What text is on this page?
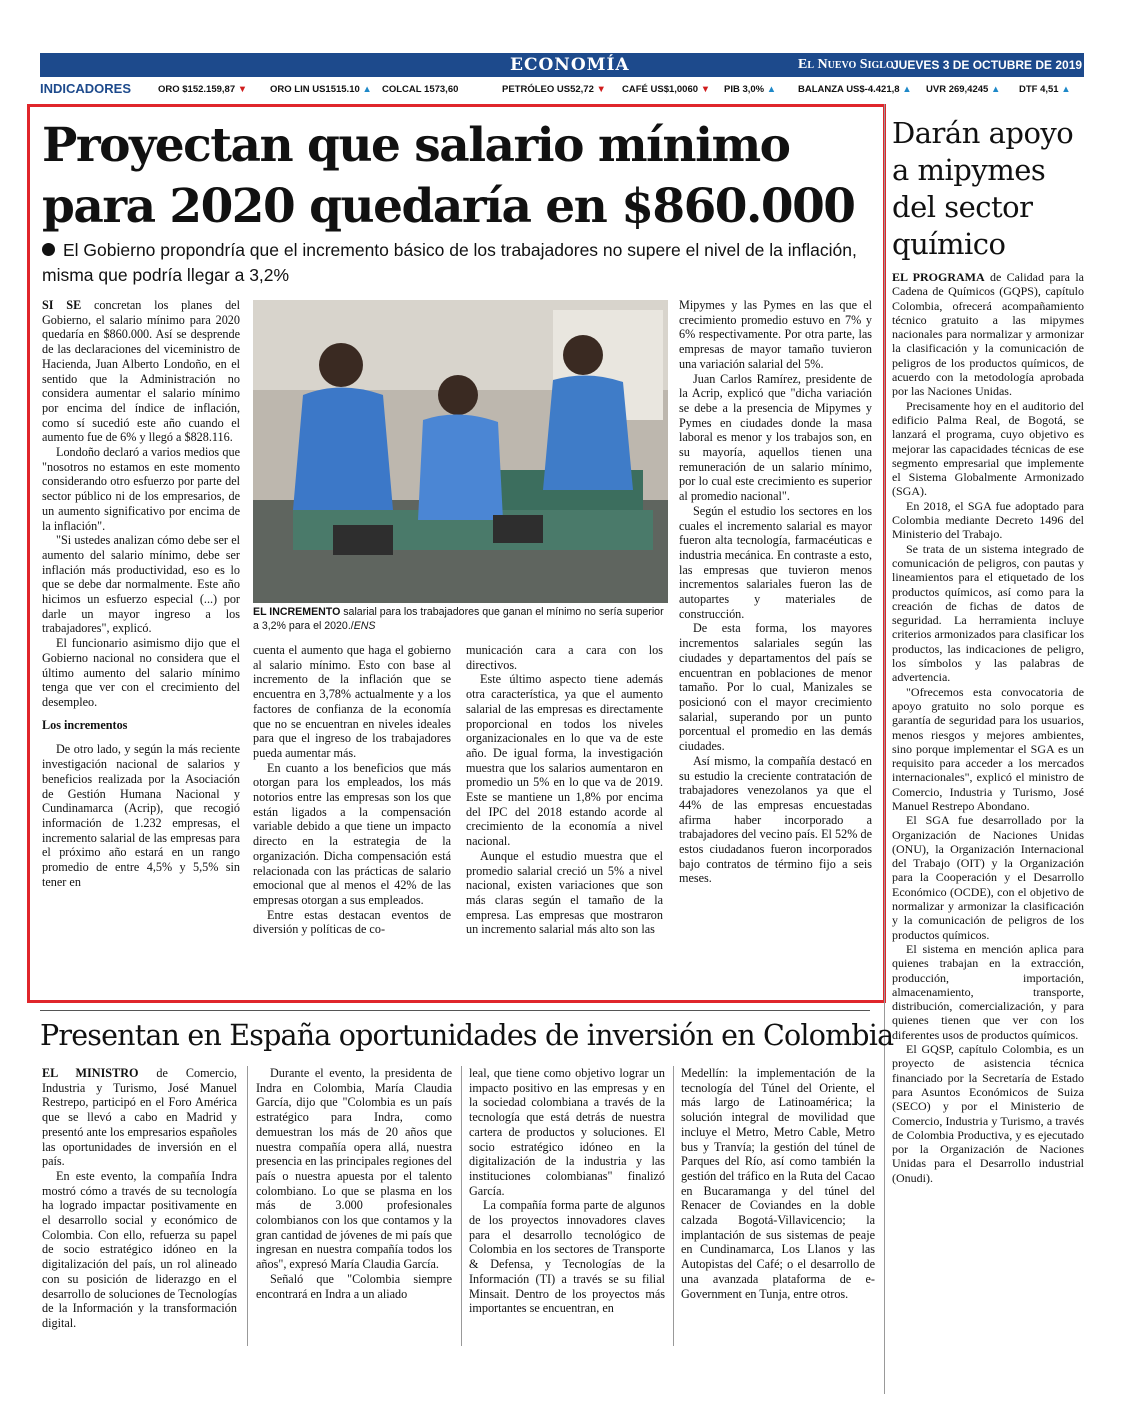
ECONOMÍA	El Nuevo Siglo
JUEVES 3 DE OCTUBRE DE 2019 3B
INDICADORES	ORO $152.159,87 ▼ ORO LIN US1515.10 ▲ COLCAL 1573,60	PETRÓLEO US52,72 ▼ CAFÉ US$1,0060 ▼ PIB 3,0% ▲ BALANZA US$-4.421,8 ▲ UVR 269,4245 ▲ DTF 4,51 ▲
Proyectan que salario mínimo
para 2020 quedaría en $860.000
El Gobierno propondría que el incremento básico de los trabajadores no supere el nivel de la inflación, misma que podría llegar a 3,2%

SI SE concretan los planes del Gobierno, el salario mínimo para 2020 quedaría en $860.000. Así se desprende de las declaraciones del viceministro de Hacienda, Juan Alberto Londoño, en el sentido que la Administración no considera aumentar el salario mínimo por encima del índice de inflación, como sí sucedió este año cuando el aumento fue de 6% y llegó a $828.116.

Londoño declaró a varios medios que "nosotros no estamos en este momento considerando otro esfuerzo por parte del sector público ni de los empresarios, de un aumento significativo por encima de la inflación".

"Si ustedes analizan cómo debe ser el aumento del salario mínimo, debe ser inflación más productividad, eso es lo que se debe dar normalmente. Este año hicimos un esfuerzo especial (...) por darle un mayor ingreso a los trabajadores", explicó.

El funcionario asimismo dijo que el Gobierno nacional no considera que el último aumento del salario mínimo tenga que ver con el crecimiento del desempleo.

Los incrementos

De otro lado, y según la más reciente investigación nacional de salarios y beneficios realizada por la Asociación de Gestión Humana Nacional y Cundinamarca (Acrip), que recogió información de 1.232 empresas, el incremento salarial de las empresas para el próximo año estará en un rango promedio de entre 4,5% y 5,5% sin tener en

EL INCREMENTO salarial para los trabajadores que ganan el mínimo no sería superior a 3,2% para el 2020./ENS

cuenta el aumento que haga el gobierno al salario mínimo. Esto con base al incremento de la inflación que se encuentra en 3,78% actualmente y a los factores de confianza de la economía que no se encuentran en niveles ideales para que el ingreso de los trabajadores pueda aumentar más.

En cuanto a los beneficios que más otorgan para los empleados, los más notorios entre las empresas son los que están ligados a la compensación variable debido a que tiene un impacto directo en la estrategia de la organización. Dicha compensación está relacionada con las prácticas de salario emocional que al menos el 42% de las empresas otorgan a sus empleados.

Entre estas destacan eventos de diversión y políticas de co-

municación cara a cara con los directivos.

Este último aspecto tiene además otra característica, ya que el aumento salarial de las empresas es directamente proporcional en todos los niveles organizacionales en lo que va de este año. De igual forma, la investigación muestra que los salarios aumentaron en promedio un 5% en lo que va de 2019. Este se mantiene un 1,8% por encima del IPC del 2018 estando acorde al crecimiento de la economía a nivel nacional.

Aunque el estudio muestra que el promedio salarial creció un 5% a nivel nacional, existen variaciones que son más claras según el tamaño de la empresa. Las empresas que mostraron un incremento salarial más alto son las

Mipymes y las Pymes en las que el crecimiento promedio estuvo en 7% y 6% respectivamente. Por otra parte, las empresas de mayor tamaño tuvieron una variación salarial del 5%.

Juan Carlos Ramírez, presidente de la Acrip, explicó que "dicha variación se debe a la presencia de Mipymes y Pymes en ciudades donde la masa laboral es menor y los trabajos son, en su mayoría, aquellos tienen una remuneración de un salario mínimo, por lo cual este crecimiento es superior al promedio nacional".

Según el estudio los sectores en los cuales el incremento salarial es mayor fueron alta tecnología, farmacéuticas e industria mecánica. En contraste a esto, las empresas que tuvieron menos incrementos salariales fueron las de autopartes y materiales de construcción.

De esta forma, los mayores incrementos salariales según las ciudades y departamentos del país se encuentran en poblaciones de menor tamaño. Por lo cual, Manizales se posicionó con el mayor crecimiento salarial, superando por un punto porcentual el promedio en las demás ciudades.

Así mismo, la compañía destacó en su estudio la creciente contratación de trabajadores venezolanos ya que el 44% de las empresas encuestadas afirma haber incorporado a trabajadores del vecino país. El 52% de estos ciudadanos fueron incorporados bajo contratos de término fijo a seis meses.

Darán apoyo a mipymes del sector químico

EL PROGRAMA de Calidad para la Cadena de Químicos (GQPS), capítulo Colombia, ofrecerá acompañamiento técnico gratuito a las mipymes nacionales para normalizar y armonizar la clasificación y la comunicación de peligros de los productos químicos, de acuerdo con la metodología aprobada por las Naciones Unidas.

Precisamente hoy en el auditorio del edificio Palma Real, de Bogotá, se lanzará el programa, cuyo objetivo es mejorar las capacidades técnicas de ese segmento empresarial que implemente el Sistema Globalmente Armonizado (SGA).

En 2018, el SGA fue adoptado para Colombia mediante Decreto 1496 del Ministerio del Trabajo.

Se trata de un sistema integrado de comunicación de peligros, con pautas y lineamientos para el etiquetado de los productos químicos, así como para la creación de fichas de datos de seguridad. La herramienta incluye criterios armonizados para clasificar los productos, las indicaciones de peligro, los símbolos y las palabras de advertencia.

"Ofrecemos esta convocatoria de apoyo gratuito no solo porque es garantía de seguridad para los usuarios, menos riesgos y mejores ambientes, sino porque implementar el SGA es un requisito para acceder a los mercados internacionales", explicó el ministro de Comercio, Industria y Turismo, José Manuel Restrepo Abondano.

El SGA fue desarrollado por la Organización de Naciones Unidas (ONU), la Organización Internacional del Trabajo (OIT) y la Organización para la Cooperación y el Desarrollo Económico (OCDE), con el objetivo de normalizar y armonizar la clasificación y la comunicación de peligros de los productos químicos.

El sistema en mención aplica para quienes trabajan en la extracción, producción, importación, almacenamiento, transporte, distribución, comercialización, y para quienes tienen que ver con los diferentes usos de productos químicos.

El GQSP, capítulo Colombia, es un proyecto de asistencia técnica financiado por la Secretaría de Estado para Asuntos Económicos de Suiza (SECO) y por el Ministerio de Comercio, Industria y Turismo, a través de Colombia Productiva, y es ejecutado por la Organización de Naciones Unidas para el Desarrollo industrial (Onudi).

Presentan en España oportunidades de inversión en Colombia

EL MINISTRO de Comercio, Industria y Turismo, José Manuel Restrepo, participó en el Foro América que se llevó a cabo en Madrid y presentó ante los empresarios españoles las oportunidades de inversión en el país.

En este evento, la compañía Indra mostró cómo a través de su tecnología ha logrado impactar positivamente en el desarrollo social y económico de Colombia. Con ello, refuerza su papel de socio estratégico idóneo en la digitalización del país, un rol alineado con su posición de liderazgo en el desarrollo de soluciones de Tecnologías de la Información y la transformación digital.

Durante el evento, la presidenta de Indra en Colombia, María Claudia García, dijo que "Colombia es un país estratégico para Indra, como demuestran los más de 20 años que nuestra compañía opera allá, nuestra presencia en las principales regiones del país o nuestra apuesta por el talento colombiano. Lo que se plasma en los más de 3.000 profesionales colombianos con los que contamos y la gran cantidad de jóvenes de mi país que ingresan en nuestra compañía todos los años", expresó María Claudia García.

Señaló que "Colombia siempre encontrará en Indra a un aliado

leal, que tiene como objetivo lograr un impacto positivo en las empresas y en la sociedad colombiana a través de la tecnología que está detrás de nuestra cartera de productos y soluciones. El socio estratégico idóneo en la digitalización de la industria y las instituciones colombianas" finalizó García.

La compañía forma parte de algunos de los proyectos innovadores claves para el desarrollo tecnológico de Colombia en los sectores de Transporte & Defensa, y Tecnologías de la Información (TI) a través se su filial Minsait. Dentro de los proyectos más importantes se encuentran, en

Medellín: la implementación de la tecnología del Túnel del Oriente, el más largo de Latinoamérica; la solución integral de movilidad que incluye el Metro, Metro Cable, Metro bus y Tranvía; la gestión del túnel de Parques del Río, así como también la gestión del tráfico en la Ruta del Cacao en Bucaramanga y del túnel del Renacer de Coviandes en la doble calzada Bogotá-Villavicencio; la implantación de sus sistemas de peaje en Cundinamarca, Los Llanos y las Autopistas del Café; o el desarrollo de una avanzada plataforma de e-Government en Tunja, entre otros.
